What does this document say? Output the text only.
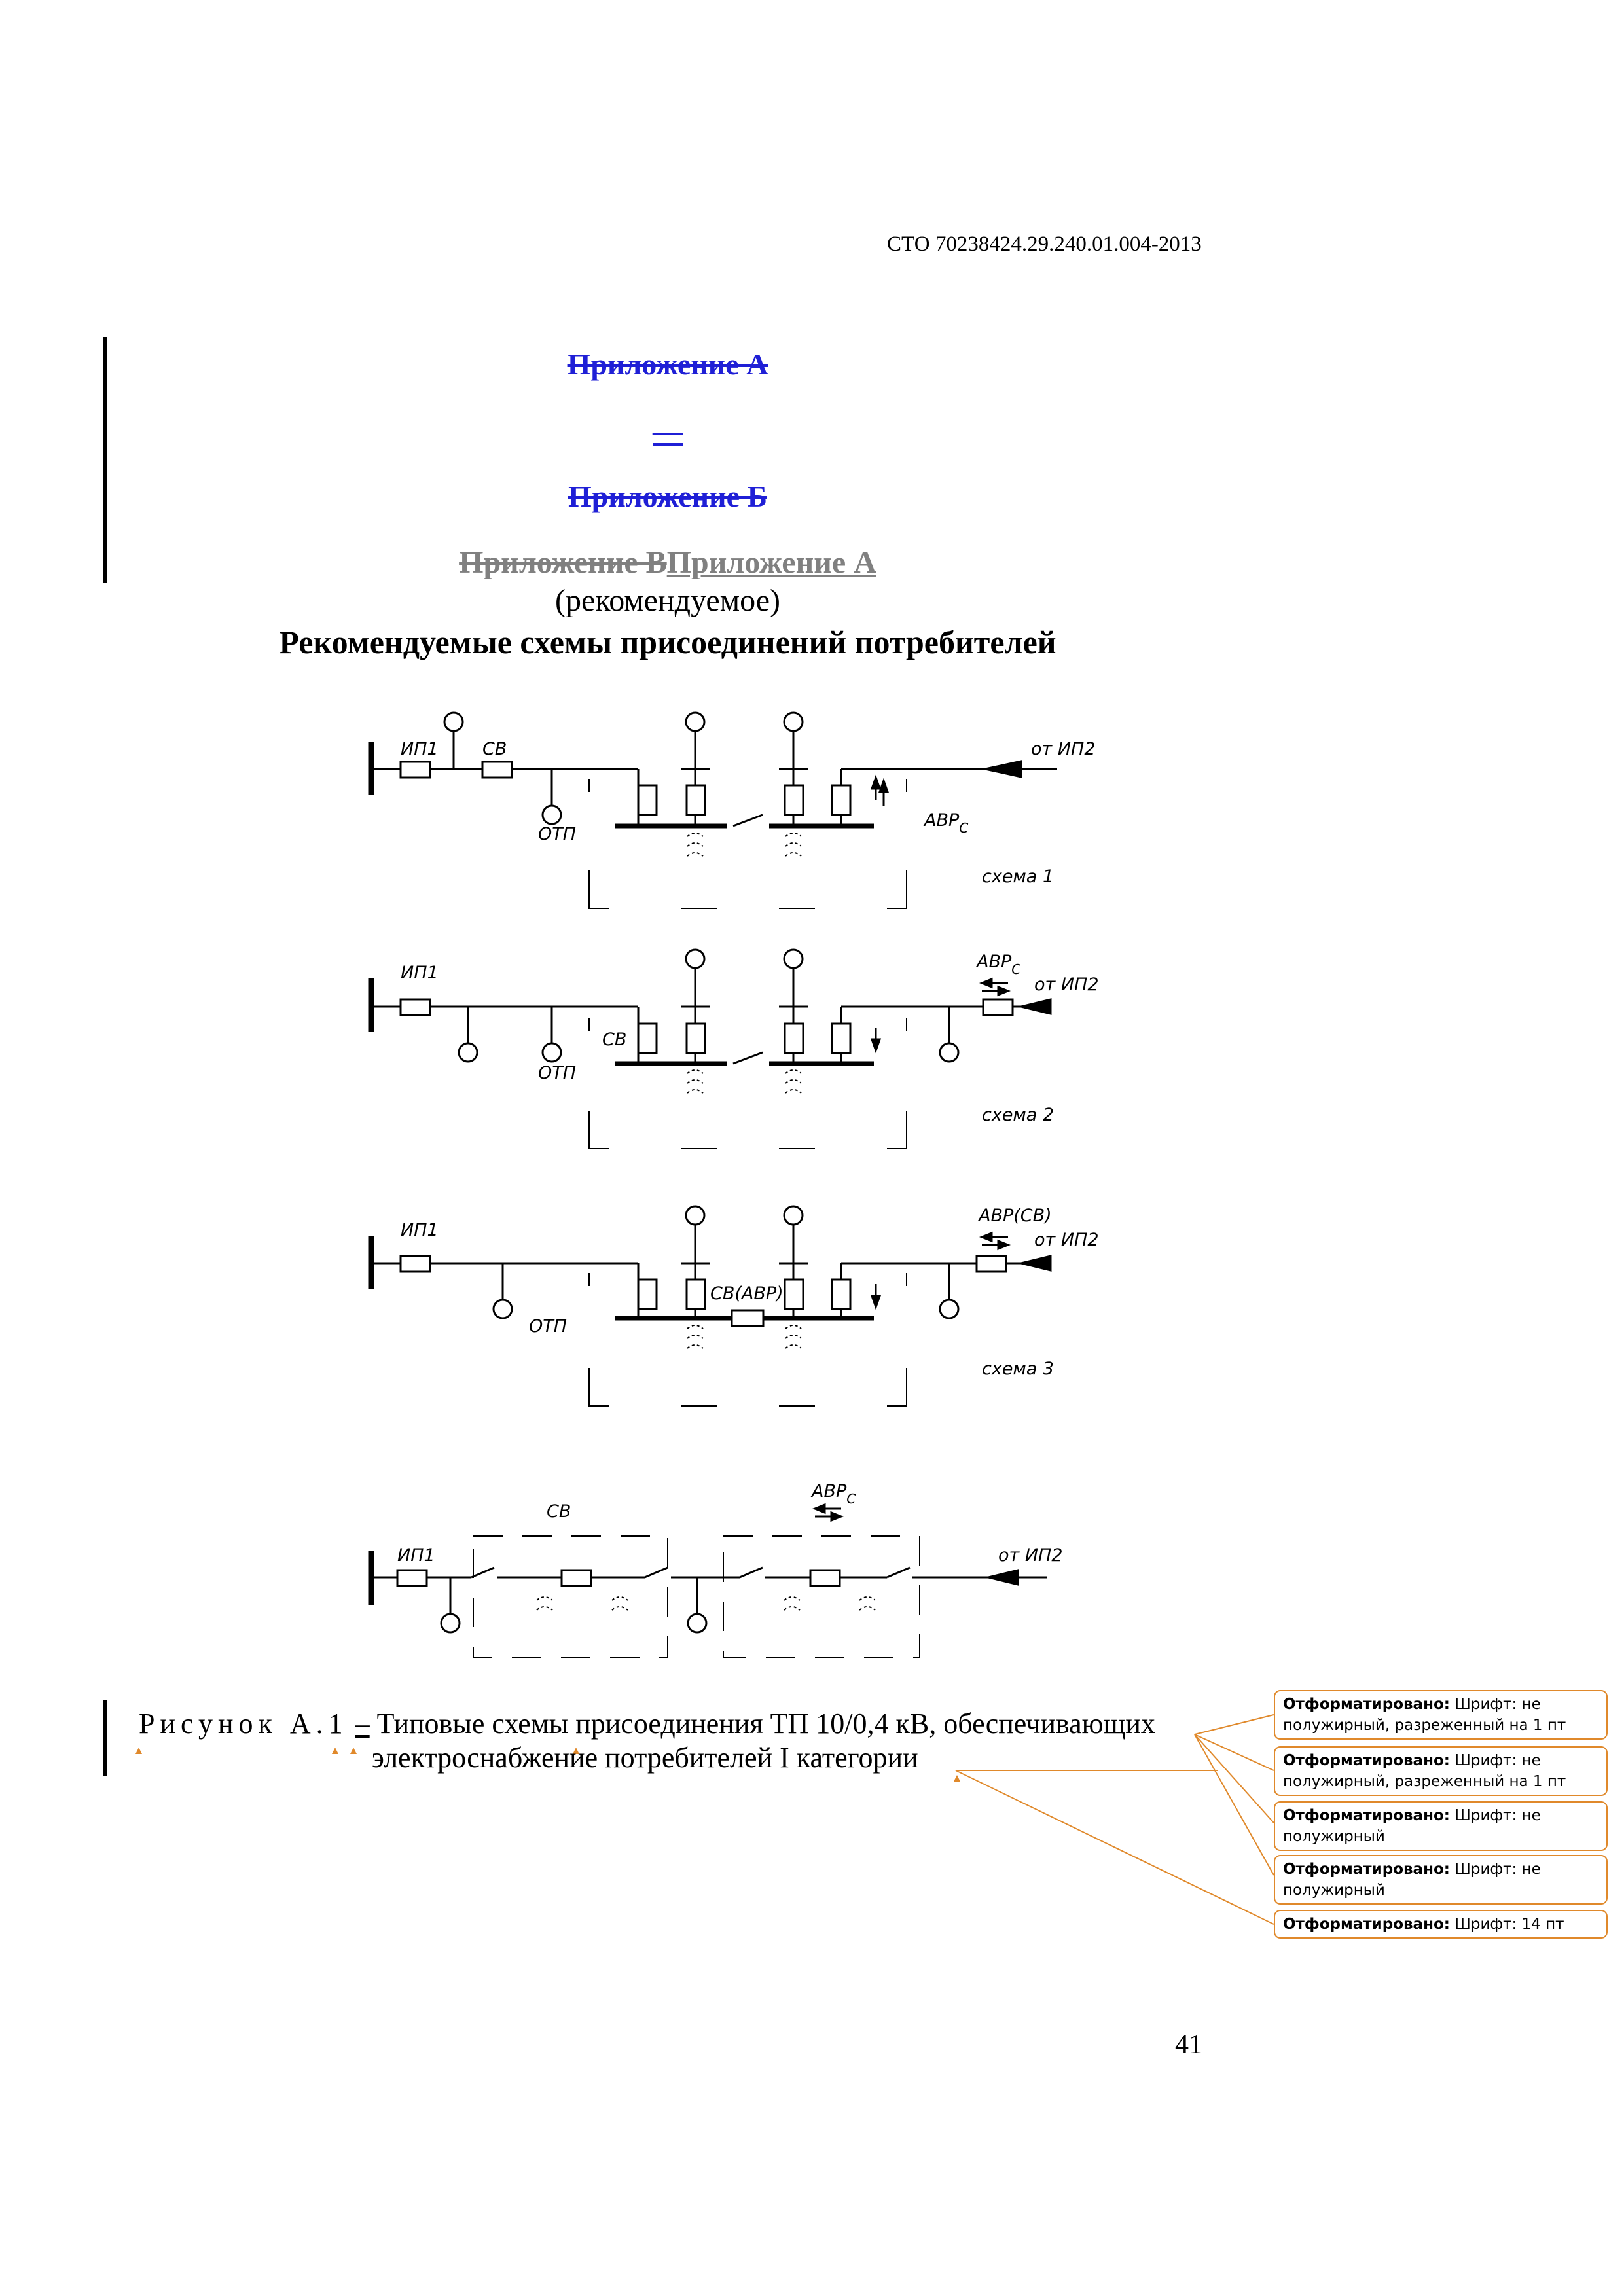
СТО 70238424.29.240.01.004-2013
Приложение А
—
Приложение Б
Приложение ВПриложение А
(рекомендуемое)
Рекомендуемые схемы присоединений потребителей
ИП1 СВ
ОТП
$АВР_С$
от ИП2
схема 1
ИП1
СВ
ОТП
$АВР_С$
от ИП2
схема 2
ИП1
СВ(АВР)
ОТП
АВР(СВ)
от ИП2
схема 3
ИП1
СВ
$АВР_С$
от ИП2
Рисунок А.1 – Типовые схемы присоединения ТП 10/0,4 кВ, обеспечивающих
электроснабжение потребителей I категории
Отформатировано: Шрифт: не полужирный, разреженный на 1 пт
Отформатировано: Шрифт: не полужирный, разреженный на 1 пт
Отформатировано: Шрифт: не полужирный
Отформатировано: Шрифт: не полужирный
Отформатировано: Шрифт: 14 пт
41
